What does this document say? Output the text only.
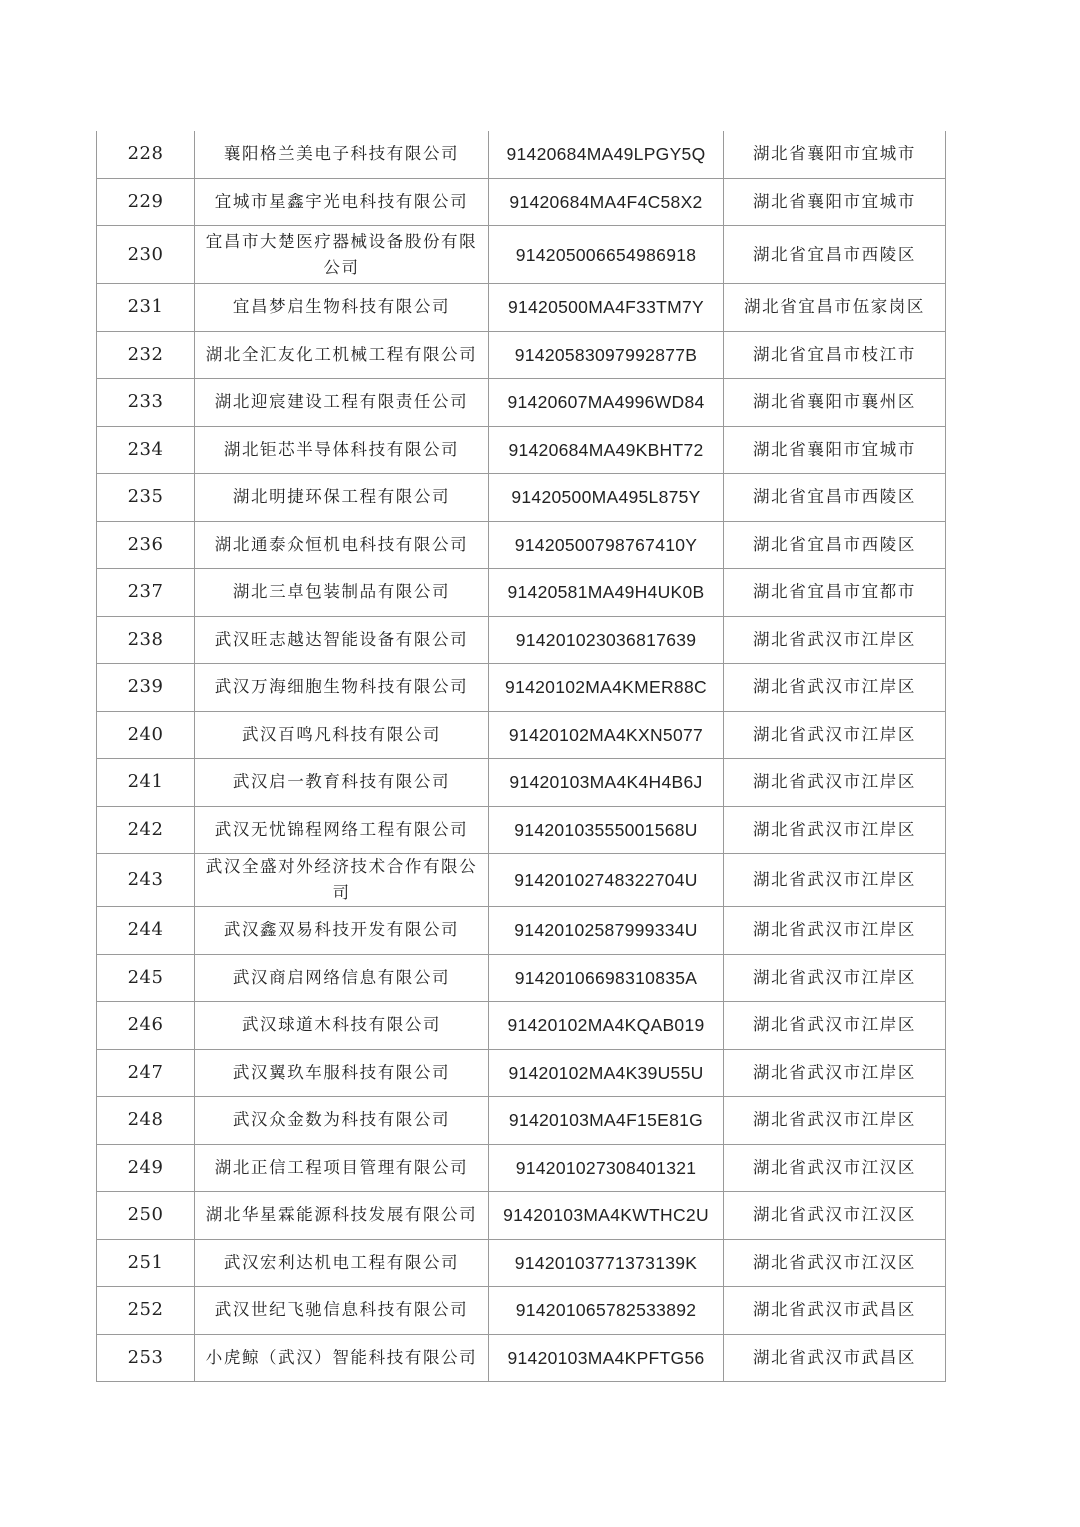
228	襄阳格兰美电子科技有限公司	91420684MA49LPGY5Q	湖北省襄阳市宜城市
229	宜城市星鑫宇光电科技有限公司	91420684MA4F4C58X2	湖北省襄阳市宜城市
230	宜昌市大楚医疗器械设备股份有限公司	914205006654986918	湖北省宜昌市西陵区
231	宜昌梦启生物科技有限公司	91420500MA4F33TM7Y	湖北省宜昌市伍家岗区
232	湖北全汇友化工机械工程有限公司	91420583097992877B	湖北省宜昌市枝江市
233	湖北迎宸建设工程有限责任公司	91420607MA4996WD84	湖北省襄阳市襄州区
234	湖北钜芯半导体科技有限公司	91420684MA49KBHT72	湖北省襄阳市宜城市
235	湖北明捷环保工程有限公司	91420500MA495L875Y	湖北省宜昌市西陵区
236	湖北通泰众恒机电科技有限公司	91420500798767410Y	湖北省宜昌市西陵区
237	湖北三卓包装制品有限公司	91420581MA49H4UK0B	湖北省宜昌市宜都市
238	武汉旺志越达智能设备有限公司	914201023036817639	湖北省武汉市江岸区
239	武汉万海细胞生物科技有限公司	91420102MA4KMER88C	湖北省武汉市江岸区
240	武汉百鸣凡科技有限公司	91420102MA4KXN5077	湖北省武汉市江岸区
241	武汉启一教育科技有限公司	91420103MA4K4H4B6J	湖北省武汉市江岸区
242	武汉无忧锦程网络工程有限公司	91420103555001568U	湖北省武汉市江岸区
243	武汉全盛对外经济技术合作有限公司	91420102748322704U	湖北省武汉市江岸区
244	武汉鑫双易科技开发有限公司	91420102587999334U	湖北省武汉市江岸区
245	武汉商启网络信息有限公司	91420106698310835A	湖北省武汉市江岸区
246	武汉球道木科技有限公司	91420102MA4KQAB019	湖北省武汉市江岸区
247	武汉翼玖车服科技有限公司	91420102MA4K39U55U	湖北省武汉市江岸区
248	武汉众金数为科技有限公司	91420103MA4F15E81G	湖北省武汉市江岸区
249	湖北正信工程项目管理有限公司	914201027308401321	湖北省武汉市江汉区
250	湖北华星霖能源科技发展有限公司	91420103MA4KWTHC2U	湖北省武汉市江汉区
251	武汉宏利达机电工程有限公司	91420103771373139K	湖北省武汉市江汉区
252	武汉世纪飞驰信息科技有限公司	914201065782533892	湖北省武汉市武昌区
253	小虎鲸（武汉）智能科技有限公司	91420103MA4KPFTG56	湖北省武汉市武昌区
